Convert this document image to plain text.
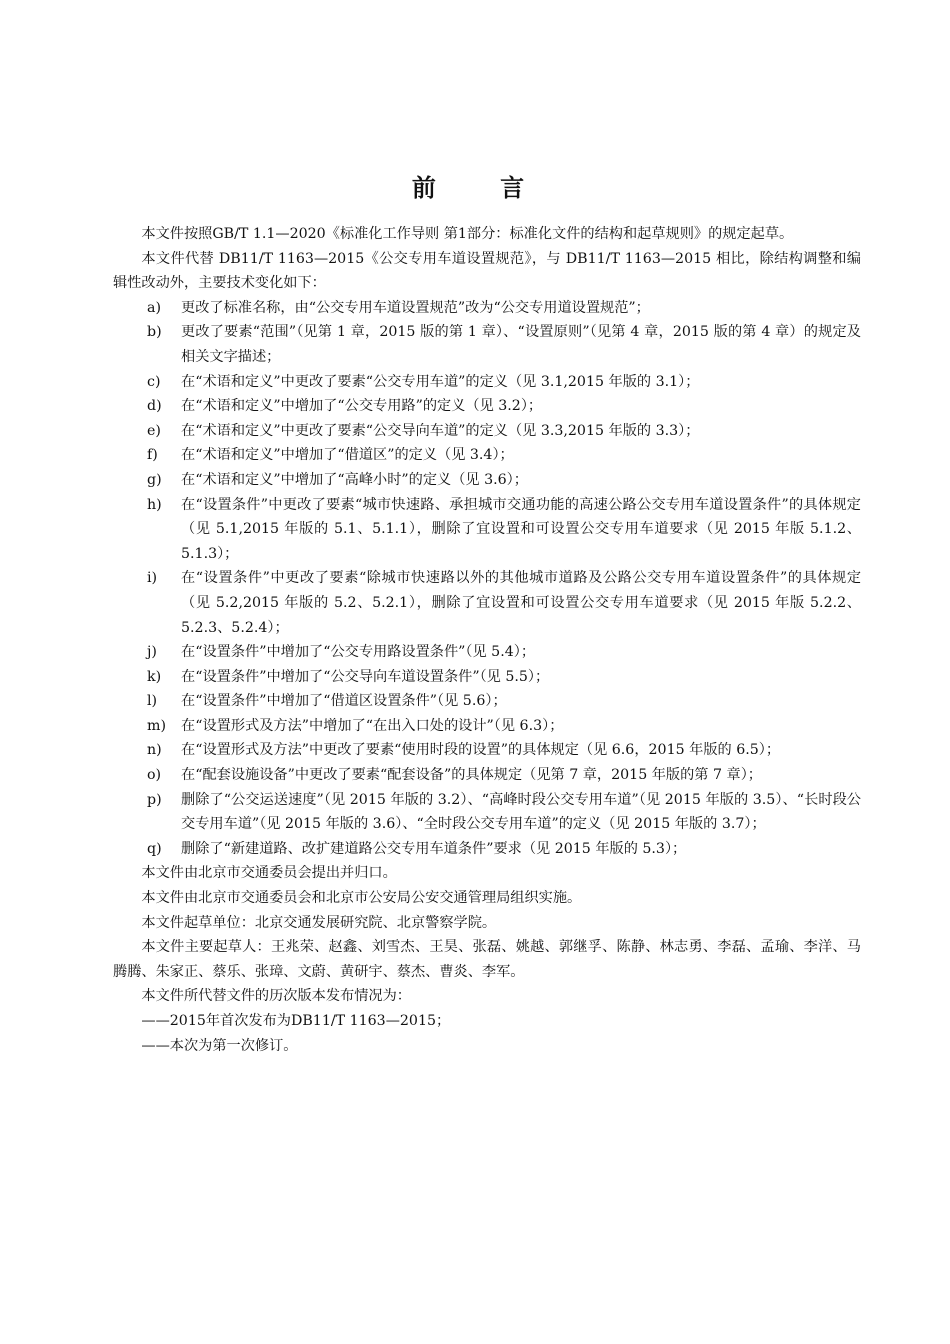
前 言

本文件按照GB/T 1.1—2020《标准化工作导则 第1部分：标准化文件的结构和起草规则》的规定起草。

本文件代替 DB11/T 1163—2015《公交专用车道设置规范》，与 DB11/T 1163—2015 相比，除结构调整和编辑性改动外，主要技术变化如下：

a) 更改了标准名称，由“公交专用车道设置规范”改为“公交专用道设置规范”；
b) 更改了要素“范围”（见第 1 章，2015 版的第 1 章）、“设置原则”（见第 4 章，2015 版的第 4 章）的规定及相关文字描述；
c) 在“术语和定义”中更改了要素“公交专用车道”的定义（见 3.1,2015 年版的 3.1）；
d) 在“术语和定义”中增加了“公交专用路”的定义（见 3.2）；
e) 在“术语和定义”中更改了要素“公交导向车道”的定义（见 3.3,2015 年版的 3.3）；
f) 在“术语和定义”中增加了“借道区”的定义（见 3.4）；
g) 在“术语和定义”中增加了“高峰小时”的定义（见 3.6）；
h) 在“设置条件”中更改了要素“城市快速路、承担城市交通功能的高速公路公交专用车道设置条件”的具体规定（见 5.1,2015 年版的 5.1、5.1.1），删除了宜设置和可设置公交专用车道要求（见 2015 年版 5.1.2、5.1.3）；
i) 在“设置条件”中更改了要素“除城市快速路以外的其他城市道路及公路公交专用车道设置条件”的具体规定（见 5.2,2015 年版的 5.2、5.2.1），删除了宜设置和可设置公交专用车道要求（见 2015 年版 5.2.2、5.2.3、5.2.4）；
j) 在“设置条件”中增加了“公交专用路设置条件”（见 5.4）；
k) 在“设置条件”中增加了“公交导向车道设置条件”（见 5.5）；
l) 在“设置条件”中增加了“借道区设置条件”（见 5.6）；
m) 在“设置形式及方法”中增加了“在出入口处的设计”（见 6.3）；
n) 在“设置形式及方法”中更改了要素“使用时段的设置”的具体规定（见 6.6，2015 年版的 6.5）；
o) 在“配套设施设备”中更改了要素“配套设备”的具体规定（见第 7 章，2015 年版的第 7 章）；
p) 删除了“公交运送速度”（见 2015 年版的 3.2）、“高峰时段公交专用车道”（见 2015 年版的 3.5）、“长时段公交专用车道”（见 2015 年版的 3.6）、“全时段公交专用车道”的定义（见 2015 年版的 3.7）；
q) 删除了“新建道路、改扩建道路公交专用车道条件”要求（见 2015 年版的 5.3）；

本文件由北京市交通委员会提出并归口。

本文件由北京市交通委员会和北京市公安局公安交通管理局组织实施。

本文件起草单位：北京交通发展研究院、北京警察学院。

本文件主要起草人：王兆荣、赵鑫、刘雪杰、王昊、张磊、姚越、郭继孚、陈静、林志勇、李磊、孟瑜、李洋、马腾腾、朱家正、蔡乐、张璋、文蔚、黄研宇、蔡杰、曹炎、李军。

本文件所代替文件的历次版本发布情况为：

——2015年首次发布为DB11/T 1163—2015；

——本次为第一次修订。
